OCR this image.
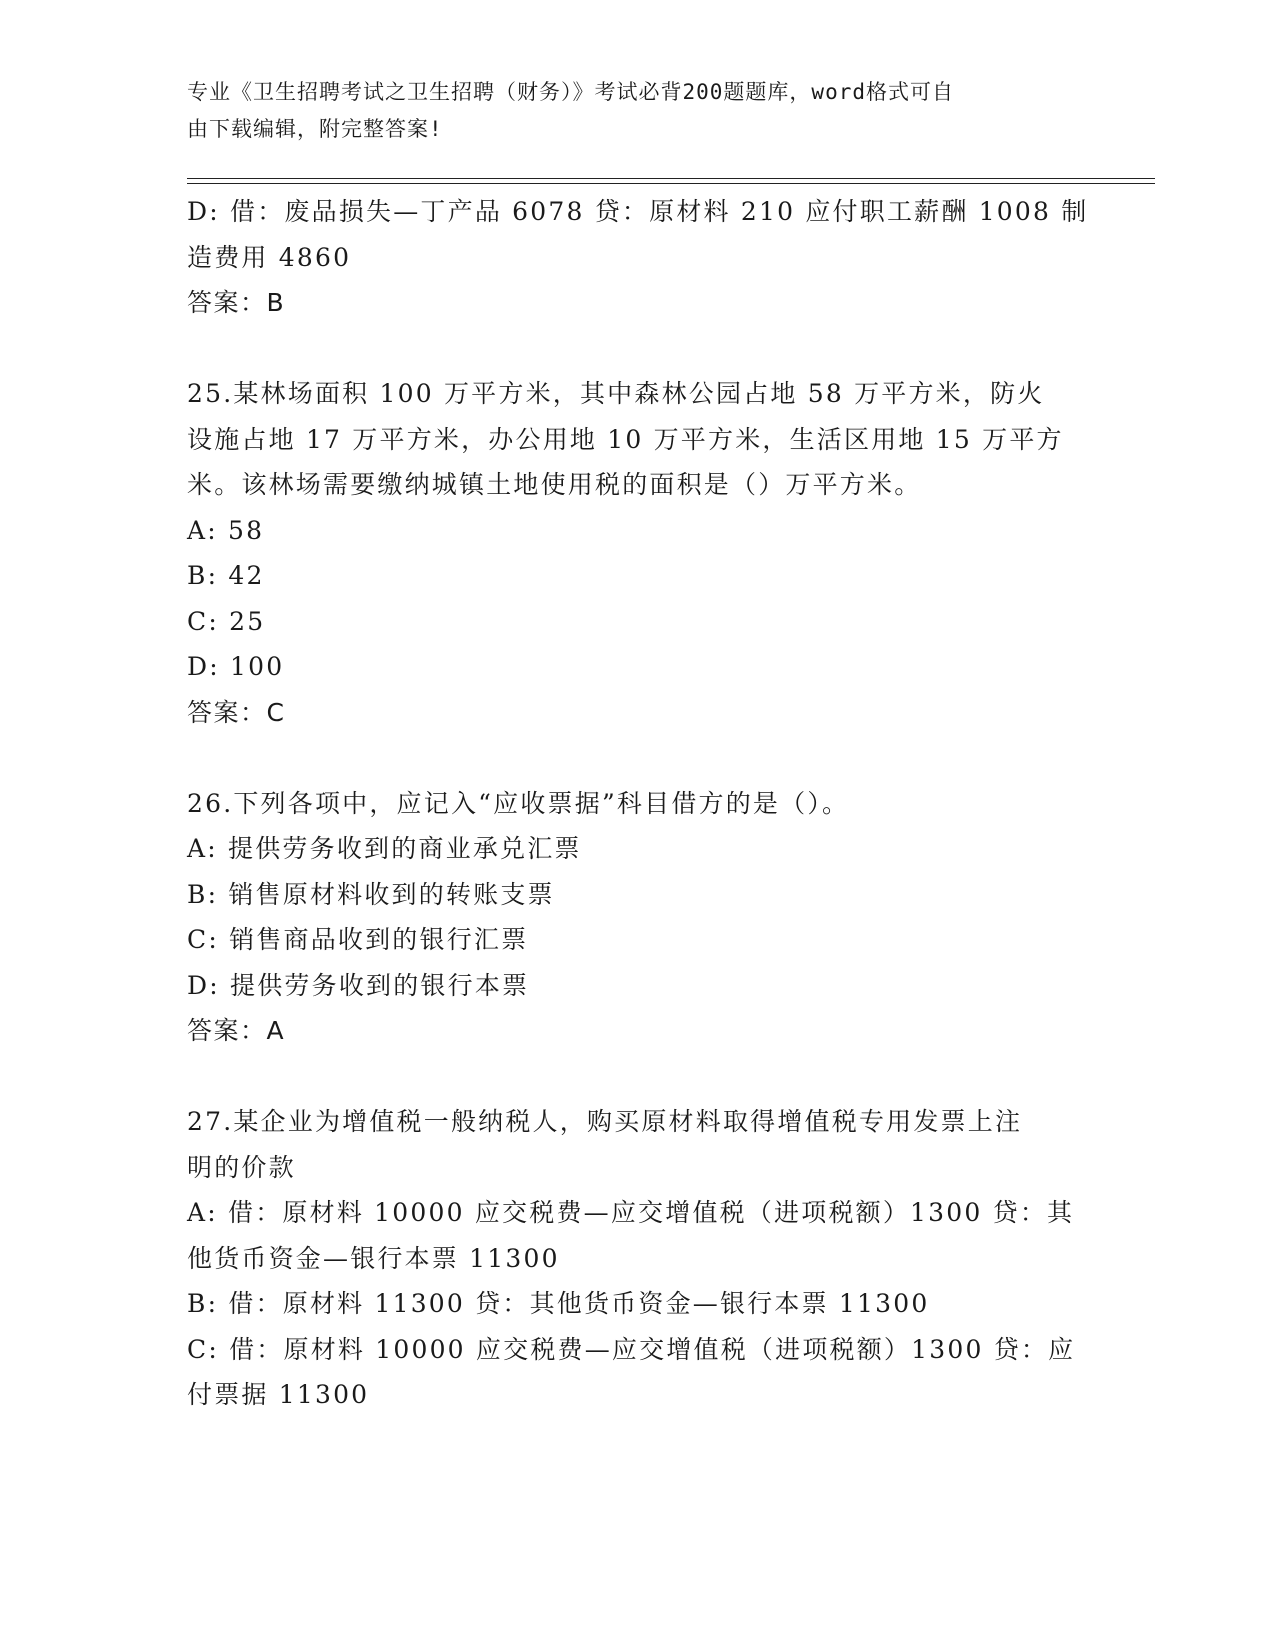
专业《卫生招聘考试之卫生招聘（财务）》考试必背200题题库，word格式可自
由下载编辑，附完整答案!
D: 借：废品损失—丁产品 6078 贷：原材料 210 应付职工薪酬 1008 制
造费用 4860
答案：B
25.某林场面积 100 万平方米，其中森林公园占地 58 万平方米，防火
设施占地 17 万平方米，办公用地 10 万平方米，生活区用地 15 万平方
米。该林场需要缴纳城镇土地使用税的面积是（）万平方米。
A: 58
B: 42
C: 25
D: 100
答案：C
26.下列各项中，应记入“应收票据”科目借方的是（）。
A: 提供劳务收到的商业承兑汇票
B: 销售原材料收到的转账支票
C: 销售商品收到的银行汇票
D: 提供劳务收到的银行本票
答案：A
27.某企业为增值税一般纳税人，购买原材料取得增值税专用发票上注
明的价款
A: 借：原材料 10000 应交税费—应交增值税（进项税额）1300 贷：其
他货币资金—银行本票 11300
B: 借：原材料 11300 贷：其他货币资金—银行本票 11300
C: 借：原材料 10000 应交税费—应交增值税（进项税额）1300 贷：应
付票据 11300
